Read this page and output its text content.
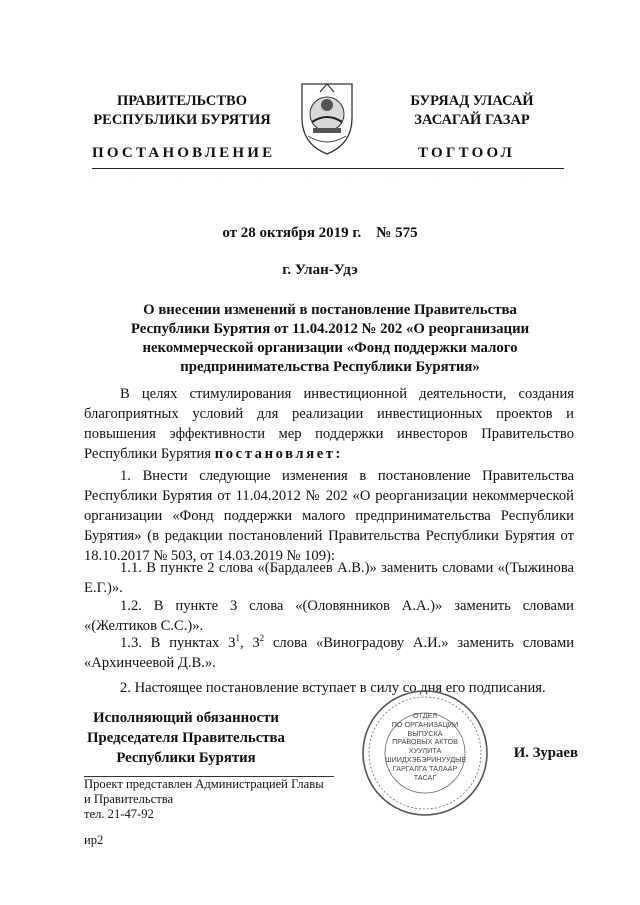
ПРАВИТЕЛЬСТВО
РЕСПУБЛИКИ БУРЯТИЯ
БУРЯАД УЛАСАЙ
ЗАСАГАЙ ГАЗАР
ПОСТАНОВЛЕНИЕ	ТОГТООЛ
·	·	·	·	·	·	·	·	·	·	·	·
от 28 октября 2019 г.    № 575
г. Улан-Удэ
О внесении изменений в постановление Правительства
Республики Бурятия от 11.04.2012 № 202 «О реорганизации
некоммерческой организации «Фонд поддержки малого
предпринимательства Республики Бурятия»
В целях стимулирования инвестиционной деятельности, создания благоприятных условий для реализации инвестиционных проектов и повышения эффективности мер поддержки инвесторов Правительство Республики Бурятия постановляет:
1. Внести следующие изменения в постановление Правительства Республики Бурятия от 11.04.2012 № 202 «О реорганизации некоммерческой организации «Фонд поддержки малого предпринимательства Республики Бурятия» (в редакции постановлений Правительства Республики Бурятия от 18.10.2017 № 503, от 14.03.2019 № 109):
1.1. В пункте 2 слова «(Бардалеев А.В.)» заменить словами «(Тыжинова Е.Г.)».
1.2. В пункте 3 слова «(Оловянников А.А.)» заменить словами «(Желтиков С.С.)».
1.3. В пунктах $3^1$, $3^2$ слова «Виноградову А.И.» заменить словами «Архинчеевой Д.В.».
2. Настоящее постановление вступает в силу со дня его подписания.
Исполняющий обязанности
Председателя Правительства
Республики Бурятия
ОТДЕЛ
ПО ОРГАНИЗАЦИИ
ВЫПУСКА
ПРАВОВЫХ АКТОВ
ХУУЛИТА
ШИИДХЭБЭРИНУУДЫЕ
ГАРГАЛГА ТАЛААР
ТАСАГ
И. Зураев
Проект представлен Администрацией Главы
и Правительства
тел. 21-47-92
ир2
